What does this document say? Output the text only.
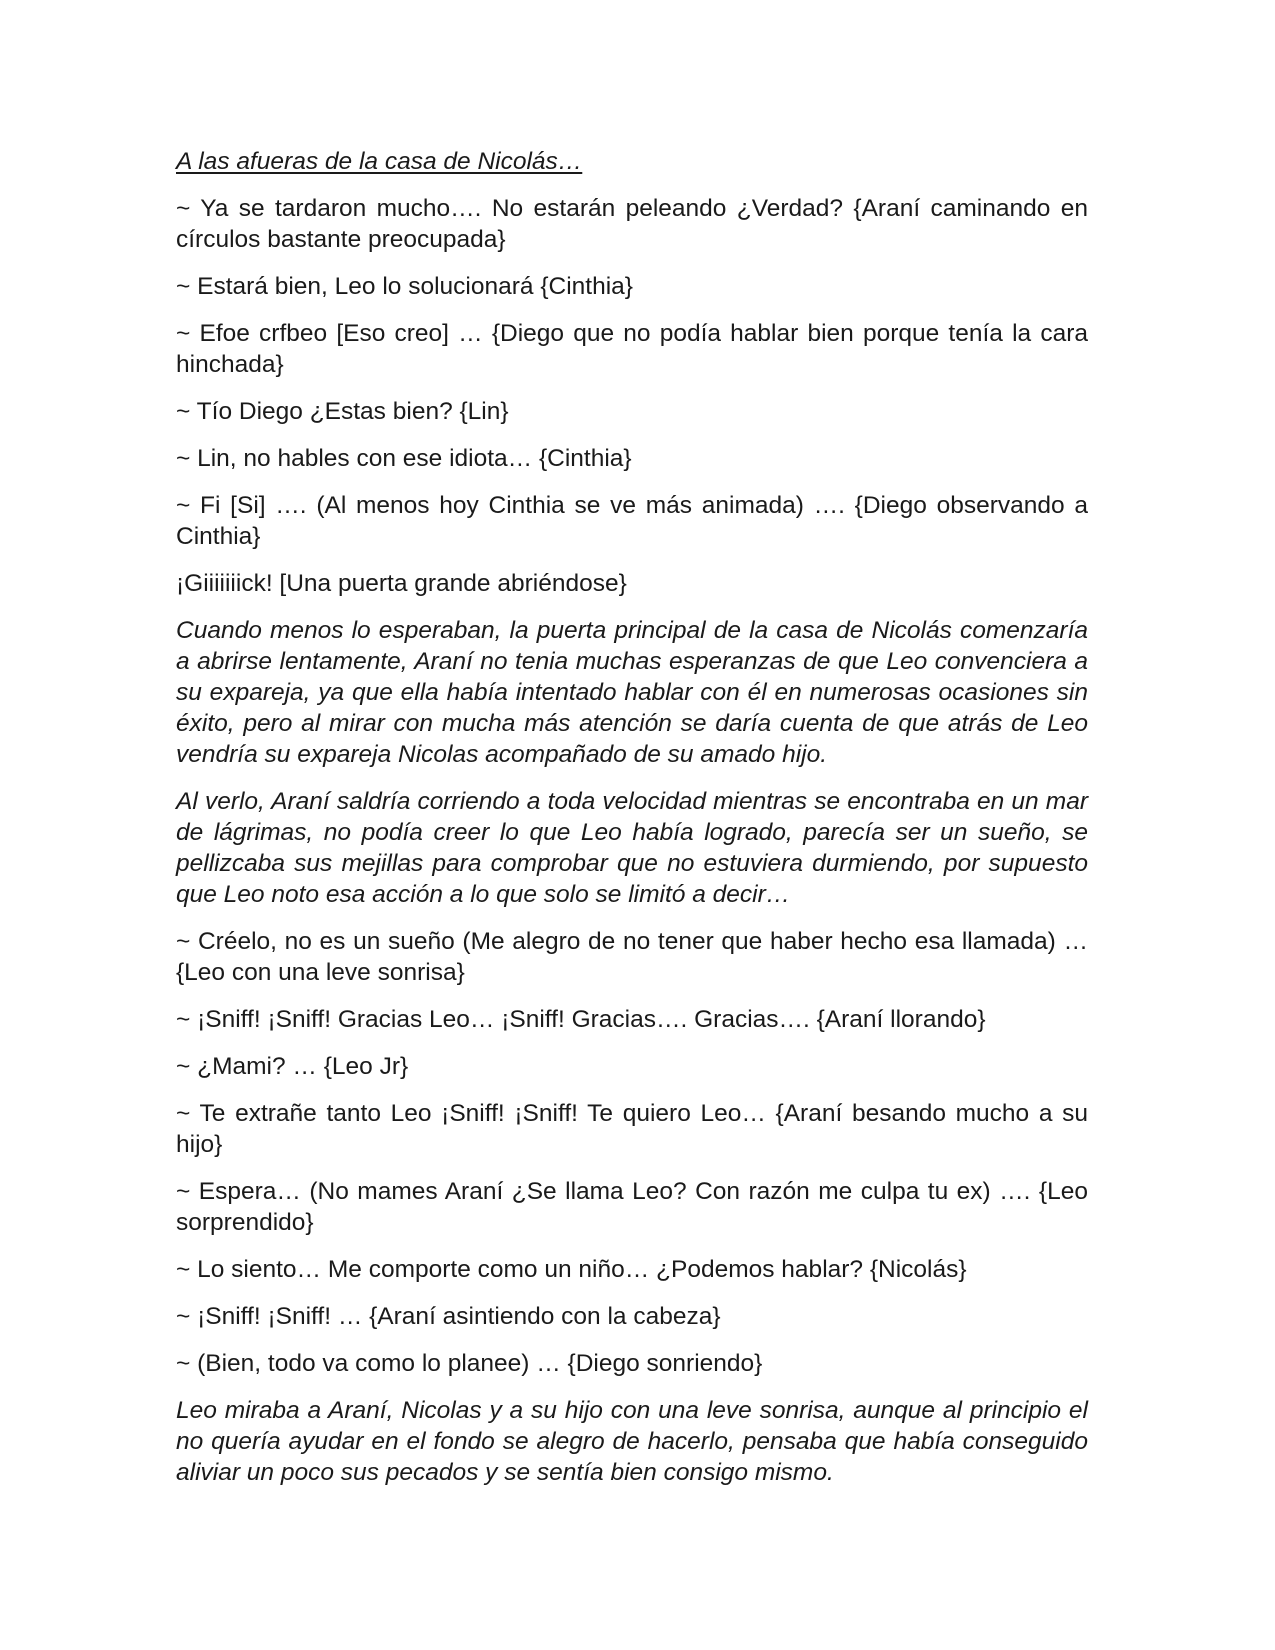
A las afueras de la casa de Nicolás…

~ Ya se tardaron mucho…. No estarán peleando ¿Verdad? {Araní caminando en círculos bastante preocupada}

~ Estará bien, Leo lo solucionará {Cinthia}

~ Efoe crfbeo [Eso creo] … {Diego que no podía hablar bien porque tenía la cara hinchada}

~ Tío Diego ¿Estas bien? {Lin}

~ Lin, no hables con ese idiota… {Cinthia}

~ Fi [Si] …. (Al menos hoy Cinthia se ve más animada) …. {Diego observando a Cinthia}

¡Giiiiiiick! [Una puerta grande abriéndose}

Cuando menos lo esperaban, la puerta principal de la casa de Nicolás comenzaría a abrirse lentamente, Araní no tenia muchas esperanzas de que Leo convenciera a su expareja, ya que ella había intentado hablar con él en numerosas ocasiones sin éxito, pero al mirar con mucha más atención se daría cuenta de que atrás de Leo vendría su expareja Nicolas acompañado de su amado hijo.

Al verlo, Araní saldría corriendo a toda velocidad mientras se encontraba en un mar de lágrimas, no podía creer lo que Leo había logrado, parecía ser un sueño, se pellizcaba sus mejillas para comprobar que no estuviera durmiendo, por supuesto que Leo noto esa acción a lo que solo se limitó a decir…

~ Créelo, no es un sueño (Me alegro de no tener que haber hecho esa llamada) … {Leo con una leve sonrisa}

~ ¡Sniff! ¡Sniff! Gracias Leo… ¡Sniff! Gracias…. Gracias…. {Araní llorando}

~ ¿Mami? … {Leo Jr}

~ Te extrañe tanto Leo ¡Sniff! ¡Sniff! Te quiero Leo… {Araní besando mucho a su hijo}

~ Espera… (No mames Araní ¿Se llama Leo? Con razón me culpa tu ex) …. {Leo sorprendido}

~ Lo siento… Me comporte como un niño… ¿Podemos hablar? {Nicolás}

~ ¡Sniff! ¡Sniff! … {Araní asintiendo con la cabeza}

~ (Bien, todo va como lo planee) … {Diego sonriendo}

Leo miraba a Araní, Nicolas y a su hijo con una leve sonrisa, aunque al principio el no quería ayudar en el fondo se alegro de hacerlo, pensaba que había conseguido aliviar un poco sus pecados y se sentía bien consigo mismo.
